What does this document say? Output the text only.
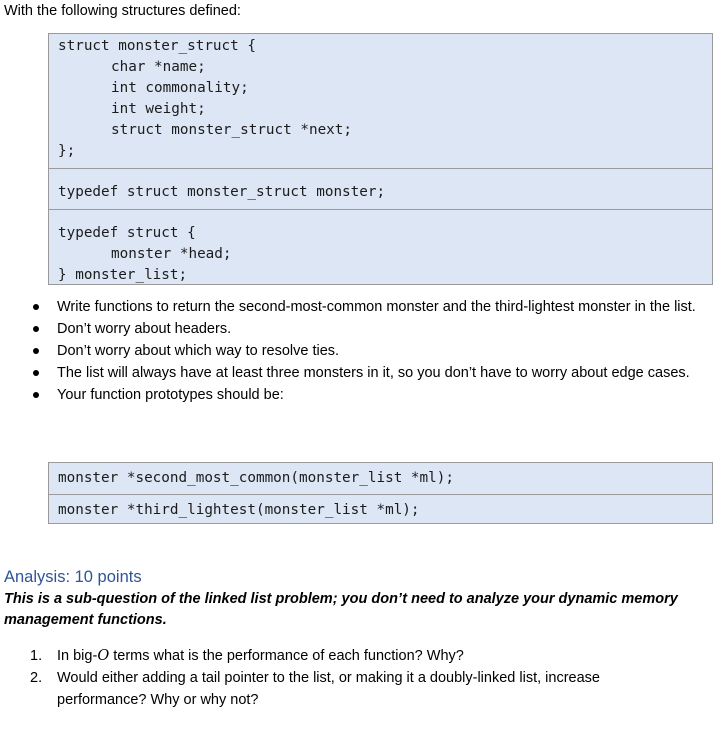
With the following structures defined:
struct monster_struct {
char *name;
int commonality;
int weight;
struct monster_struct *next;
};
typedef struct monster_struct monster;
typedef struct {
monster *head;
} monster_list;
Write functions to return the second-most-common monster and the third-lightest monster in the list.
Don’t worry about headers.
Don’t worry about which way to resolve ties.
The list will always have at least three monsters in it, so you don’t have to worry about edge cases.
Your function prototypes should be:
monster *second_most_common(monster_list *ml);
monster *third_lightest(monster_list *ml);
Analysis: 10 points
This is a sub-question of the linked list problem; you don’t need to analyze your dynamic memory management functions.
1. In big-O terms what is the performance of each function? Why?
2. Would either adding a tail pointer to the list, or making it a doubly-linked list, increase performance? Why or why not?
